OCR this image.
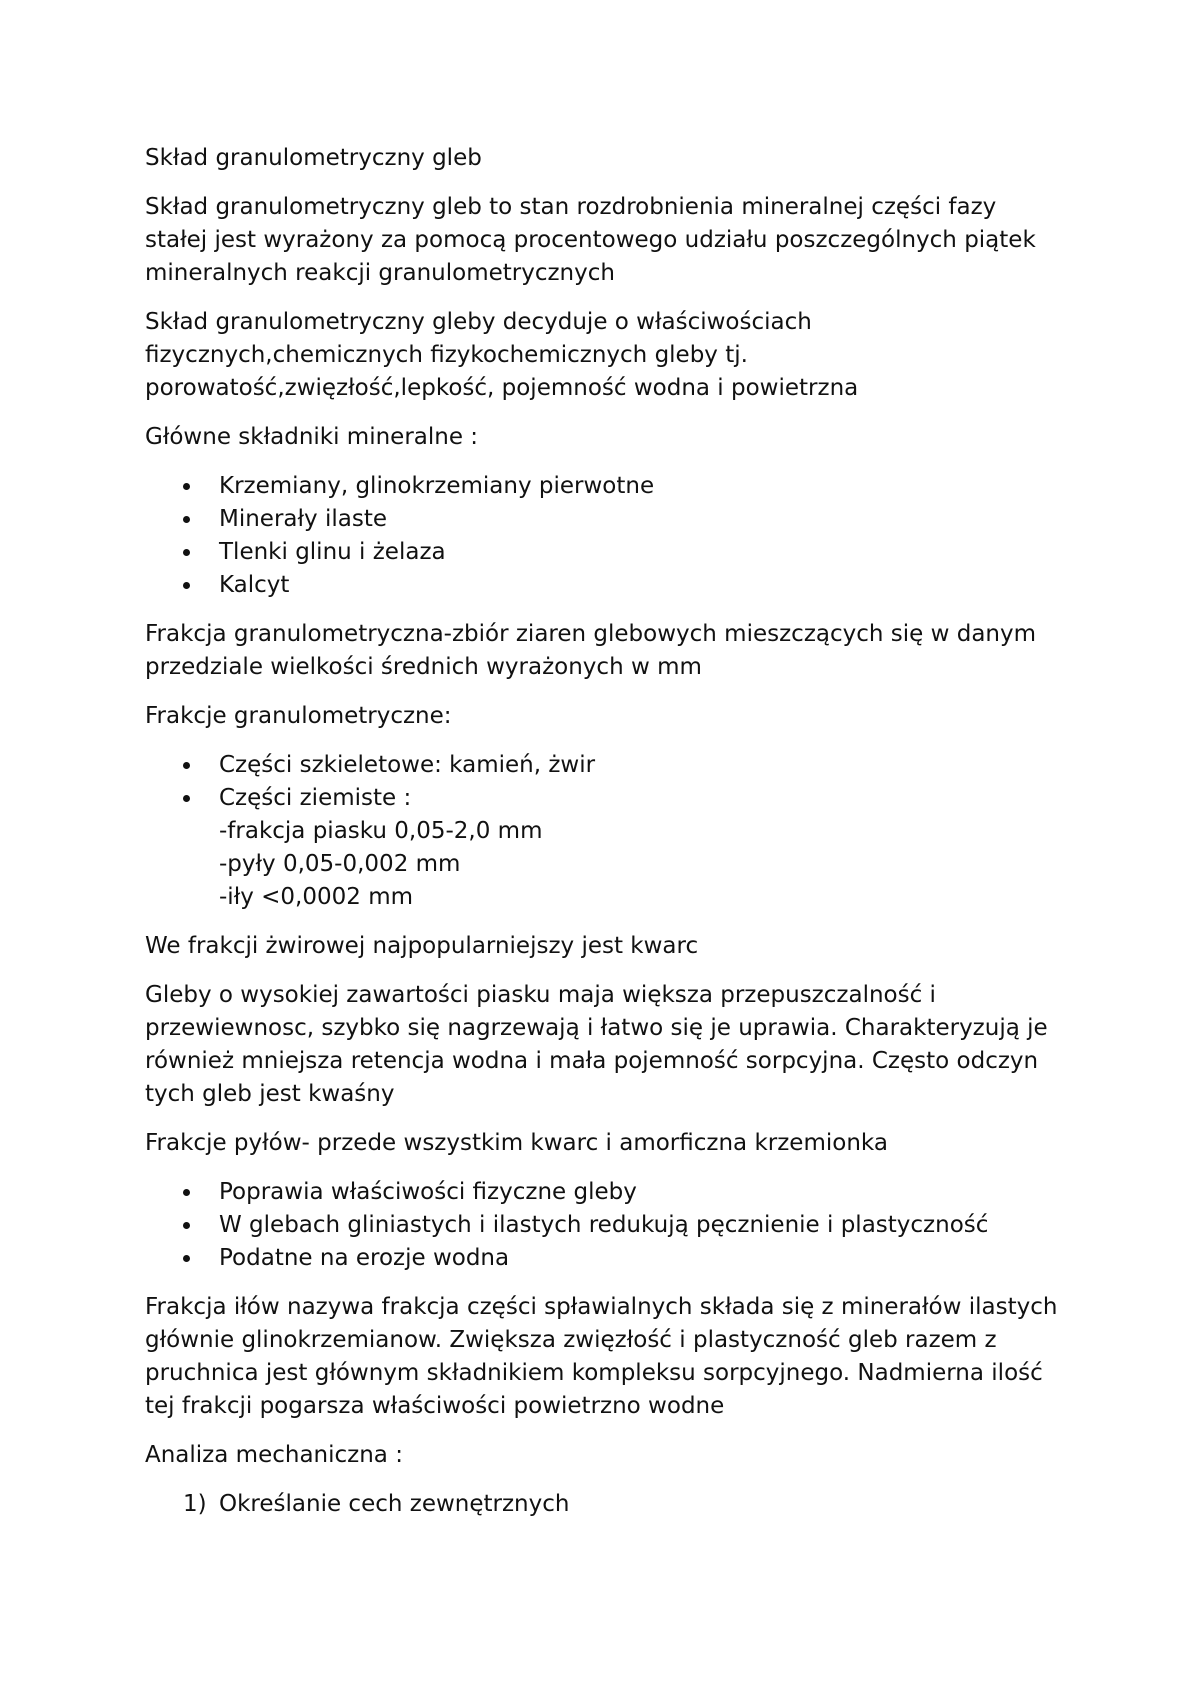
Skład granulometryczny gleb

Skład granulometryczny gleb to stan rozdrobnienia mineralnej części fazy stałej jest wyrażony za pomocą procentowego udziału poszczególnych piątek mineralnych reakcji granulometrycznych

Skład granulometryczny gleby decyduje o właściwościach fizycznych,chemicznych fizykochemicznych gleby tj. porowatość,zwięzłość,lepkość, pojemność wodna i powietrzna

Główne składniki mineralne :

Krzemiany, glinokrzemiany pierwotne
Minerały ilaste
Tlenki glinu i żelaza
Kalcyt

Frakcja granulometryczna-zbiór ziaren glebowych mieszczących się w danym przedziale wielkości średnich wyrażonych w mm

Frakcje granulometryczne:

Części szkieletowe: kamień, żwir
Części ziemiste :
-frakcja piasku 0,05-2,0 mm
-pyły 0,05-0,002 mm
-iły <0,0002 mm

We frakcji żwirowej najpopularniejszy jest kwarc

Gleby o wysokiej zawartości piasku maja większa przepuszczalność i przewiewnosc, szybko się nagrzewają i łatwo się je uprawia. Charakteryzują je również mniejsza retencja wodna i mała pojemność sorpcyjna. Często odczyn tych gleb jest kwaśny

Frakcje pyłów- przede wszystkim kwarc i amorficzna krzemionka

Poprawia właściwości fizyczne gleby
W glebach gliniastych i ilastych redukują pęcznienie i plastyczność
Podatne na erozje wodna

Frakcja iłów nazywa frakcja części spławialnych składa się z minerałów ilastych głównie glinokrzemianow. Zwiększa zwięzłość i plastyczność gleb razem z pruchnica jest głównym składnikiem kompleksu sorpcyjnego. Nadmierna ilość tej frakcji pogarsza właściwości powietrzno wodne

Analiza mechaniczna :

1) Określanie cech zewnętrznych
